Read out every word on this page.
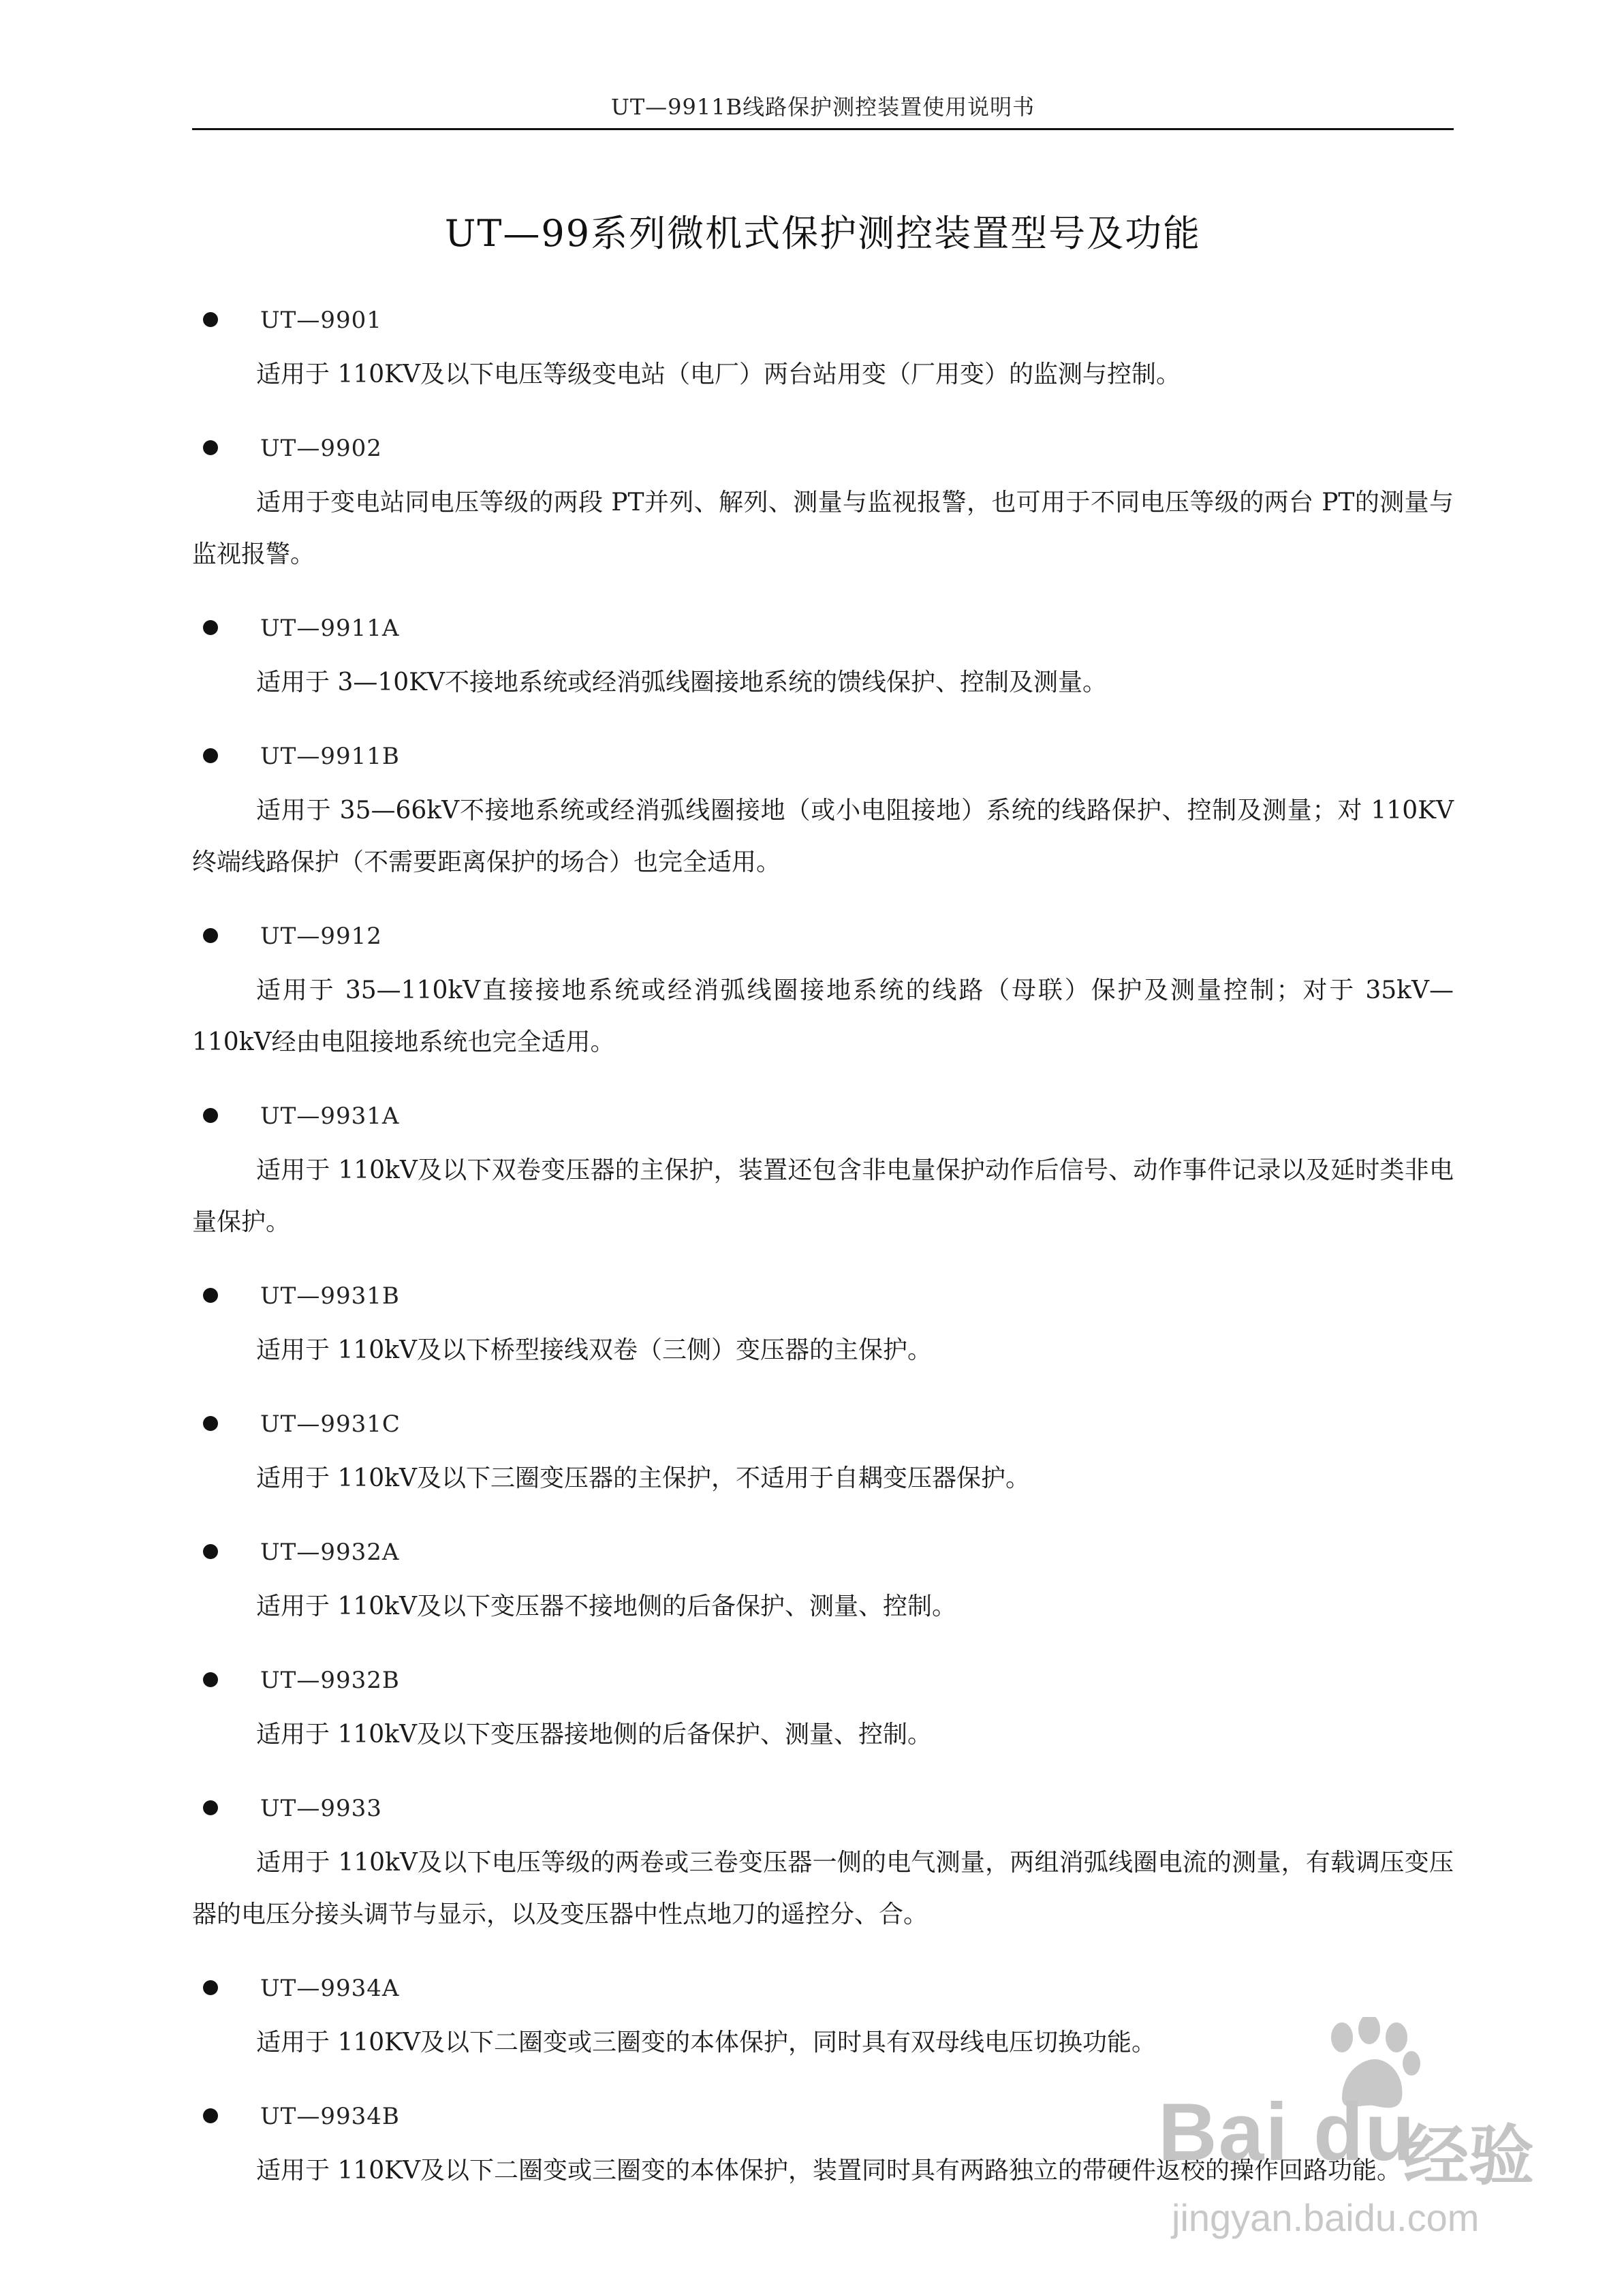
UT—9911B线路保护测控装置使用说明书
UT—99系列微机式保护测控装置型号及功能
UT—9901

适用于 110KV及以下电压等级变电站（电厂）两台站用变（厂用变）的监测与控制。

UT—9902

适用于变电站同电压等级的两段 PT并列、解列、测量与监视报警，也可用于不同电压等级的两台 PT的测量与监视报警。

UT—9911A

适用于 3—10KV不接地系统或经消弧线圈接地系统的馈线保护、控制及测量。

UT—9911B

适用于 35—66kV不接地系统或经消弧线圈接地（或小电阻接地）系统的线路保护、控制及测量；对 110KV终端线路保护（不需要距离保护的场合）也完全适用。

UT—9912

适用于 35—110kV直接接地系统或经消弧线圈接地系统的线路（母联）保护及测量控制；对于 35kV—110kV经由电阻接地系统也完全适用。

UT—9931A

适用于 110kV及以下双卷变压器的主保护，装置还包含非电量保护动作后信号、动作事件记录以及延时类非电量保护。

UT—9931B

适用于 110kV及以下桥型接线双卷（三侧）变压器的主保护。

UT—9931C

适用于 110kV及以下三圈变压器的主保护，不适用于自耦变压器保护。

UT—9932A

适用于 110kV及以下变压器不接地侧的后备保护、测量、控制。

UT—9932B

适用于 110kV及以下变压器接地侧的后备保护、测量、控制。

UT—9933

适用于 110kV及以下电压等级的两卷或三卷变压器一侧的电气测量，两组消弧线圈电流的测量，有载调压变压器的电压分接头调节与显示，以及变压器中性点地刀的遥控分、合。

UT—9934A

适用于 110KV及以下二圈变或三圈变的本体保护，同时具有双母线电压切换功能。

UT—9934B

适用于 110KV及以下二圈变或三圈变的本体保护，装置同时具有两路独立的带硬件返校的操作回路功能。

Bai du
经验
jingyan.baidu.com
